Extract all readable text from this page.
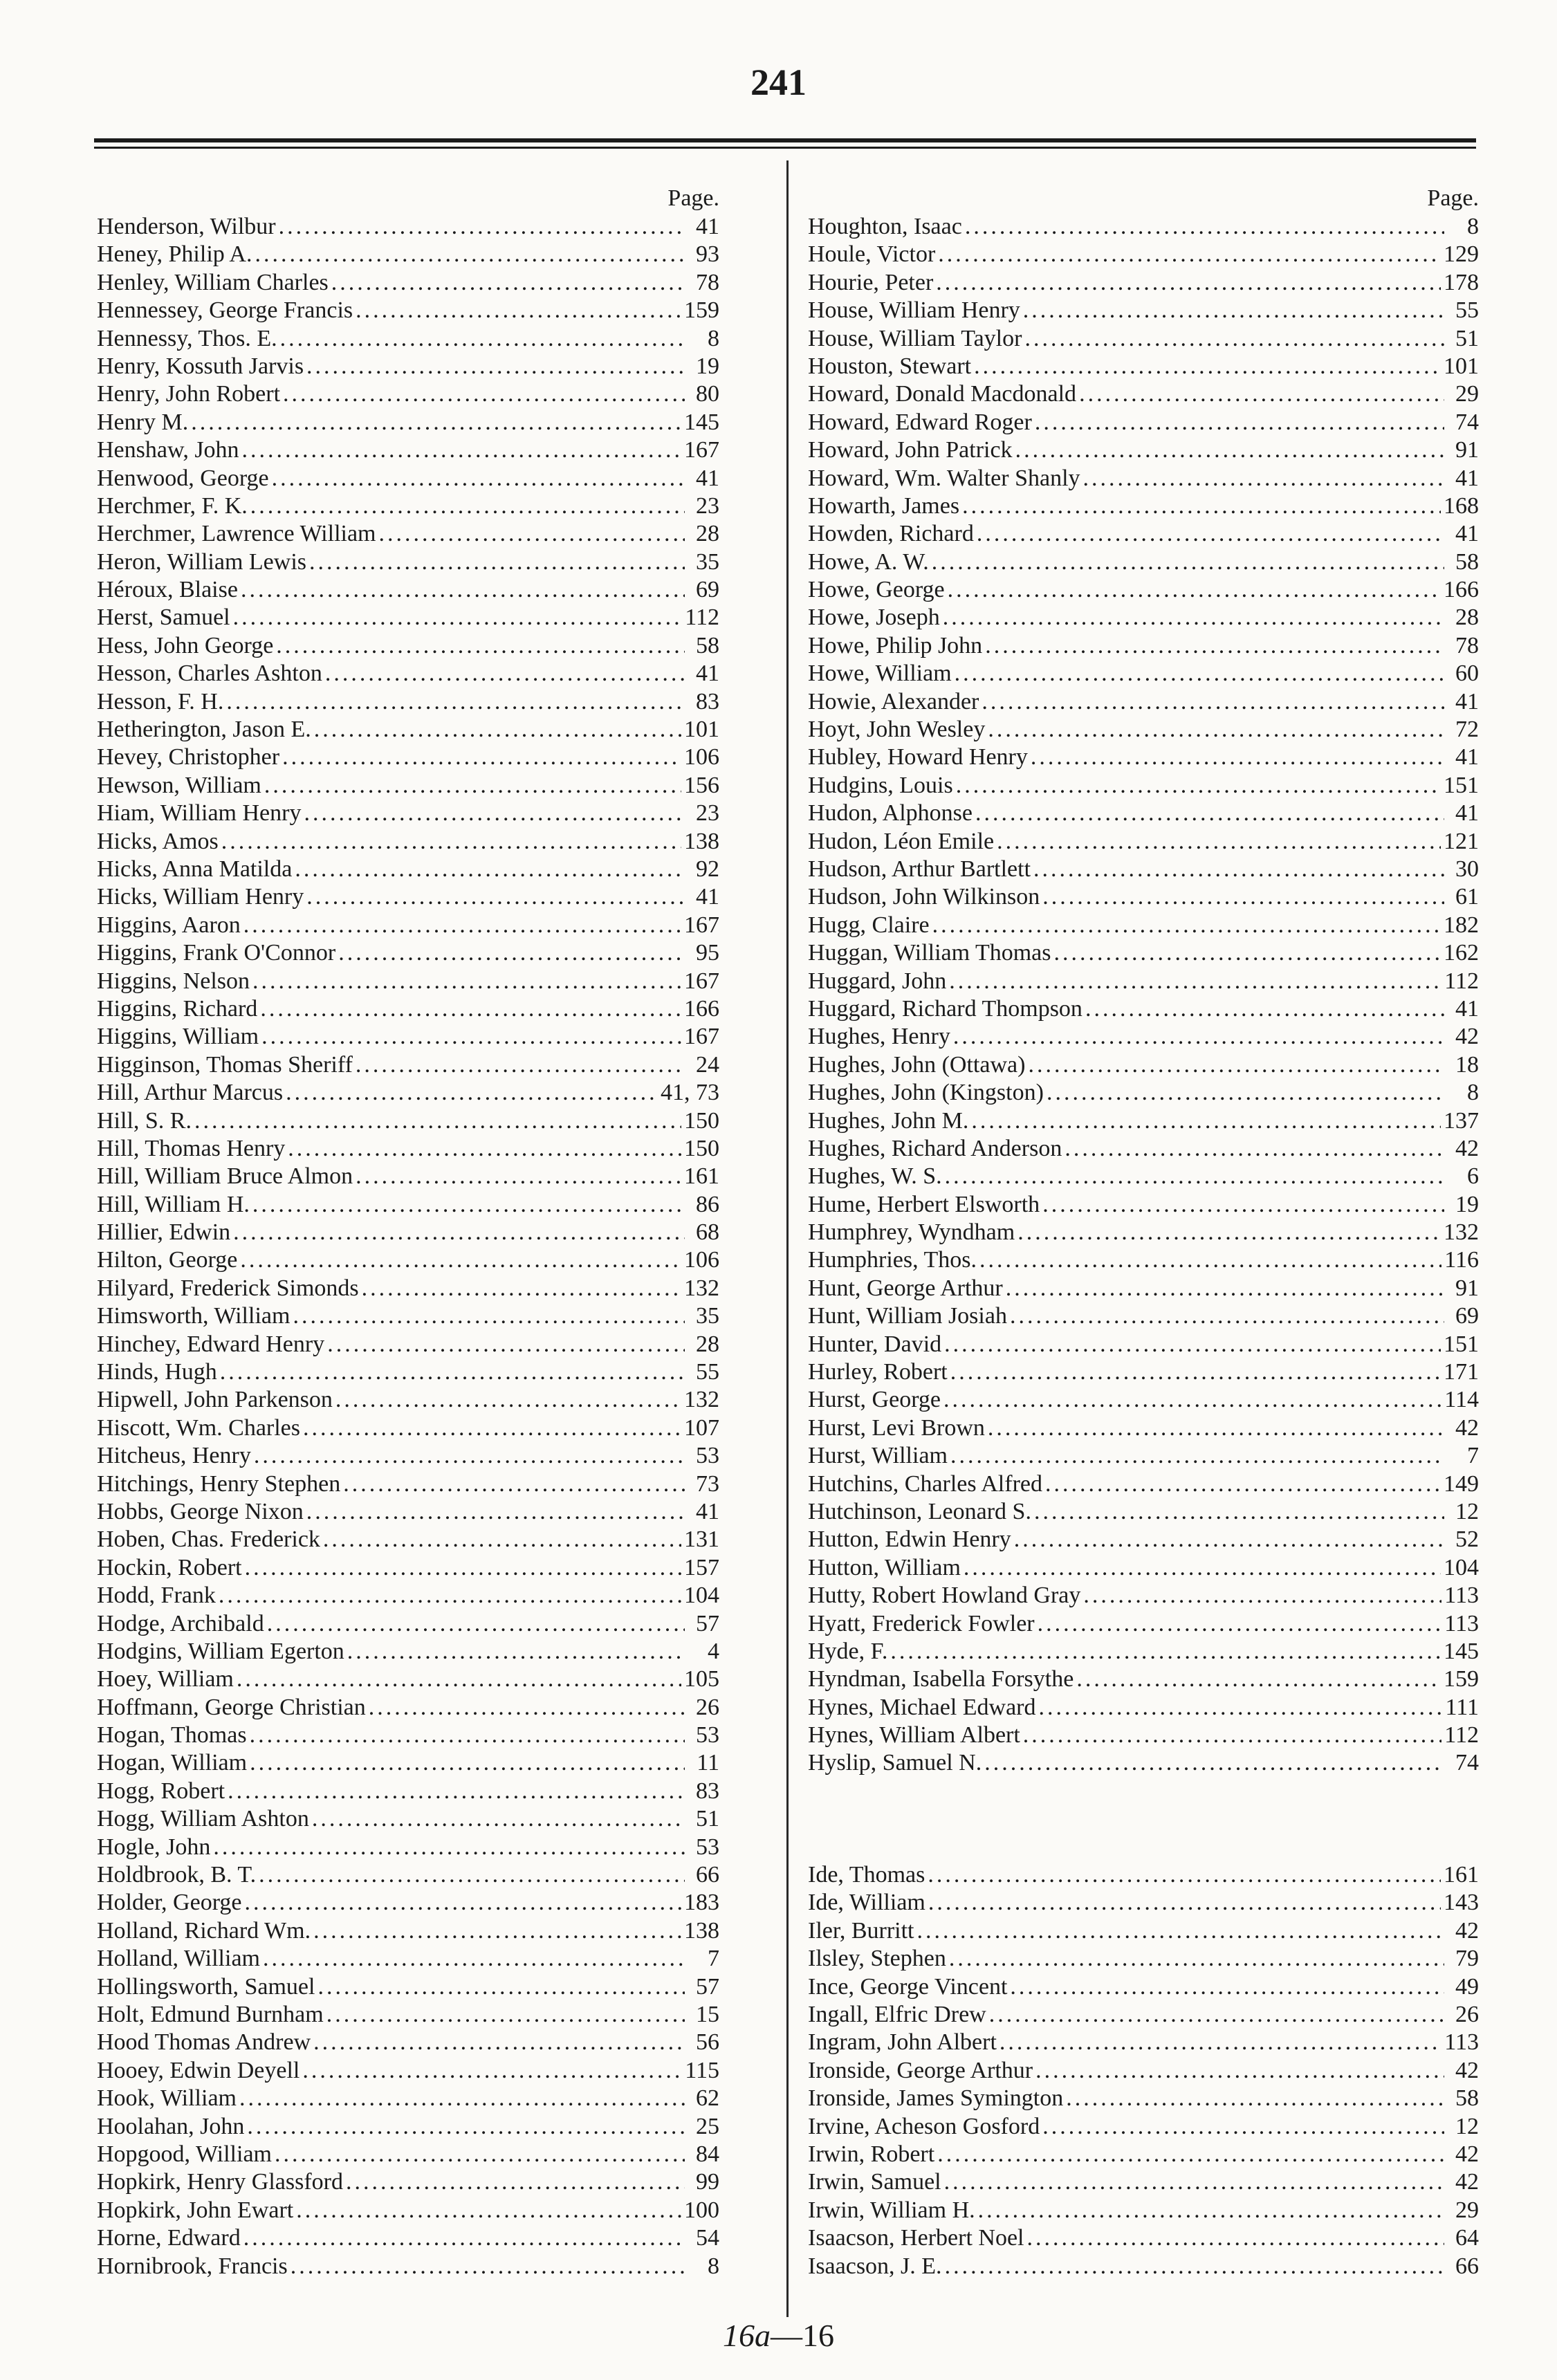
241
Page.
Henderson, Wilbur .....	41
Heney, Philip A. .....	93
Henley, William Charles .....	78
Hennessey, George Francis .....	159
Hennessy, Thos. E. .....	8
Henry, Kossuth Jarvis .....	19
Henry, John Robert .....	80
Henry M. .....	145
Henshaw, John .....	167
Henwood, George .....	41
Herchmer, F. K. .....	23
Herchmer, Lawrence William .....	28
Heron, William Lewis .....	35
Héroux, Blaise .....	69
Herst, Samuel .....	112
Hess, John George .....	58
Hesson, Charles Ashton .....	41
Hesson, F. H. .....	83
Hetherington, Jason E. .....	101
Hevey, Christopher .....	106
Hewson, William .....	156
Hiam, William Henry .....	23
Hicks, Amos .....	138
Hicks, Anna Matilda .....	92
Hicks, William Henry .....	41
Higgins, Aaron .....	167
Higgins, Frank O'Connor .....	95
Higgins, Nelson .....	167
Higgins, Richard .....	166
Higgins, William .....	167
Higginson, Thomas Sheriff .....	24
Hill, Arthur Marcus .....	41, 73
Hill, S. R. .....	150
Hill, Thomas Henry .....	150
Hill, William Bruce Almon .....	161
Hill, William H. .....	86
Hillier, Edwin .....	68
Hilton, George .....	106
Hilyard, Frederick Simonds .....	132
Himsworth, William .....	35
Hinchey, Edward Henry .....	28
Hinds, Hugh .....	55
Hipwell, John Parkenson .....	132
Hiscott, Wm. Charles .....	107
Hitcheus, Henry .....	53
Hitchings, Henry Stephen .....	73
Hobbs, George Nixon .....	41
Hoben, Chas. Frederick .....	131
Hockin, Robert .....	157
Hodd, Frank .....	104
Hodge, Archibald .....	57
Hodgins, William Egerton .....	4
Hoey, William .....	105
Hoffmann, George Christian .....	26
Hogan, Thomas .....	53
Hogan, William .....	11
Hogg, Robert .....	83
Hogg, William Ashton .....	51
Hogle, John .....	53
Holdbrook, B. T. .....	66
Holder, George .....	183
Holland, Richard Wm. .....	138
Holland, William .....	7
Hollingsworth, Samuel .....	57
Holt, Edmund Burnham .....	15
Hood Thomas Andrew .....	56
Hooey, Edwin Deyell .....	115
Hook, William .....	62
Hoolahan, John .....	25
Hopgood, William .....	84
Hopkirk, Henry Glassford .....	99
Hopkirk, John Ewart .....	100
Horne, Edward .....	54
Hornibrook, Francis .....	8
Page.
Houghton, Isaac .....	8
Houle, Victor .....	129
Hourie, Peter .....	178
House, William Henry .....	55
House, William Taylor .....	51
Houston, Stewart .....	101
Howard, Donald Macdonald .....	29
Howard, Edward Roger .....	74
Howard, John Patrick .....	91
Howard, Wm. Walter Shanly .....	41
Howarth, James .....	168
Howden, Richard .....	41
Howe, A. W. .....	58
Howe, George .....	166
Howe, Joseph .....	28
Howe, Philip John .....	78
Howe, William .....	60
Howie, Alexander .....	41
Hoyt, John Wesley .....	72
Hubley, Howard Henry .....	41
Hudgins, Louis .....	151
Hudon, Alphonse .....	41
Hudon, Léon Emile .....	121
Hudson, Arthur Bartlett .....	30
Hudson, John Wilkinson .....	61
Hugg, Claire .....	182
Huggan, William Thomas .....	162
Huggard, John .....	112
Huggard, Richard Thompson .....	41
Hughes, Henry .....	42
Hughes, John (Ottawa) .....	18
Hughes, John (Kingston) .....	8
Hughes, John M. .....	137
Hughes, Richard Anderson .....	42
Hughes, W. S. .....	6
Hume, Herbert Elsworth .....	19
Humphrey, Wyndham .....	132
Humphries, Thos. .....	116
Hunt, George Arthur .....	91
Hunt, William Josiah .....	69
Hunter, David .....	151
Hurley, Robert .....	171
Hurst, George .....	114
Hurst, Levi Brown .....	42
Hurst, William .....	7
Hutchins, Charles Alfred .....	149
Hutchinson, Leonard S. .....	12
Hutton, Edwin Henry .....	52
Hutton, William .....	104
Hutty, Robert Howland Gray .....	113
Hyatt, Frederick Fowler .....	113
Hyde, F. .....	145
Hyndman, Isabella Forsythe .....	159
Hynes, Michael Edward .....	111
Hynes, William Albert .....	112
Hyslip, Samuel N. .....	74
Ide, Thomas .....	161
Ide, William .....	143
Iler, Burritt .....	42
Ilsley, Stephen .....	79
Ince, George Vincent .....	49
Ingall, Elfric Drew .....	26
Ingram, John Albert .....	113
Ironside, George Arthur .....	42
Ironside, James Symington .....	58
Irvine, Acheson Gosford .....	12
Irwin, Robert .....	42
Irwin, Samuel .....	42
Irwin, William H. .....	29
Isaacson, Herbert Noel .....	64
Isaacson, J. E. .....	66
16a—16
